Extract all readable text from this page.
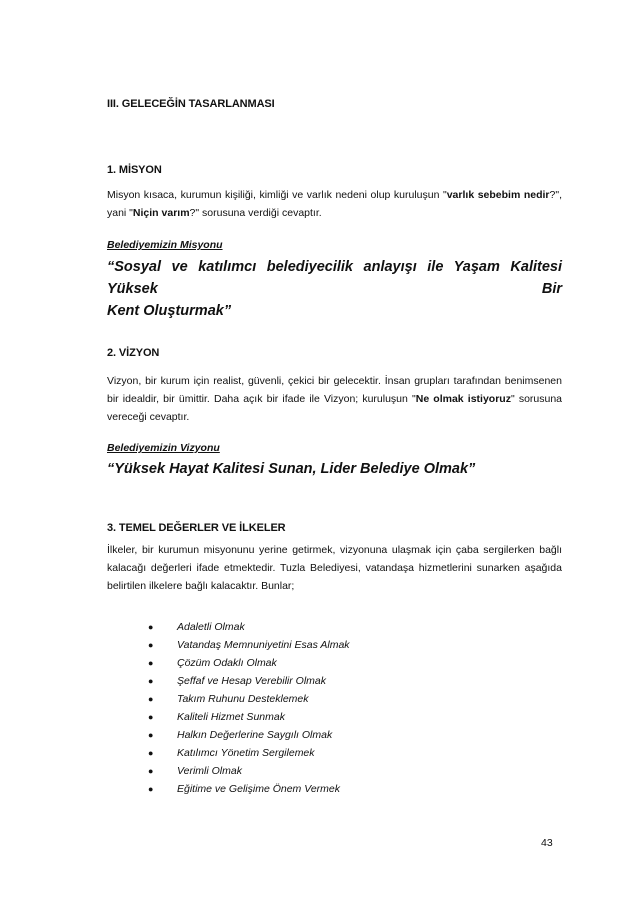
III. GELECEĞİN TASARLANMASI
1. MİSYON
Misyon kısaca, kurumun kişiliği, kimliği ve varlık nedeni olup kuruluşun "varlık sebebim nedir?", yani "Niçin varım?" sorusuna verdiği cevaptır.
Belediyemizin Misyonu
“Sosyal ve katılımcı belediyecilik anlayışı ile Yaşam Kalitesi Yüksek Bir
Kent Oluşturmak”
2. VİZYON
Vizyon, bir kurum için realist, güvenli, çekici bir gelecektir. İnsan grupları tarafından benimsenen bir idealdir, bir ümittir. Daha açık bir ifade ile Vizyon; kuruluşun "Ne olmak istiyoruz" sorusuna vereceği cevaptır.
Belediyemizin Vizyonu
“Yüksek Hayat Kalitesi Sunan, Lider Belediye Olmak”
3. TEMEL DEĞERLER VE İLKELER
İlkeler, bir kurumun misyonunu yerine getirmek, vizyonuna ulaşmak için çaba sergilerken bağlı kalacağı değerleri ifade etmektedir. Tuzla Belediyesi, vatandaşa hizmetlerini sunarken aşağıda belirtilen ilkelere bağlı kalacaktır. Bunlar;
● Adaletli Olmak
● Vatandaş Memnuniyetini Esas Almak
● Çözüm Odaklı Olmak
● Şeffaf ve Hesap Verebilir Olmak
● Takım Ruhunu Desteklemek
● Kaliteli Hizmet Sunmak
● Halkın Değerlerine Saygılı Olmak
● Katılımcı Yönetim Sergilemek
● Verimli Olmak
● Eğitime ve Gelişime Önem Vermek
43
